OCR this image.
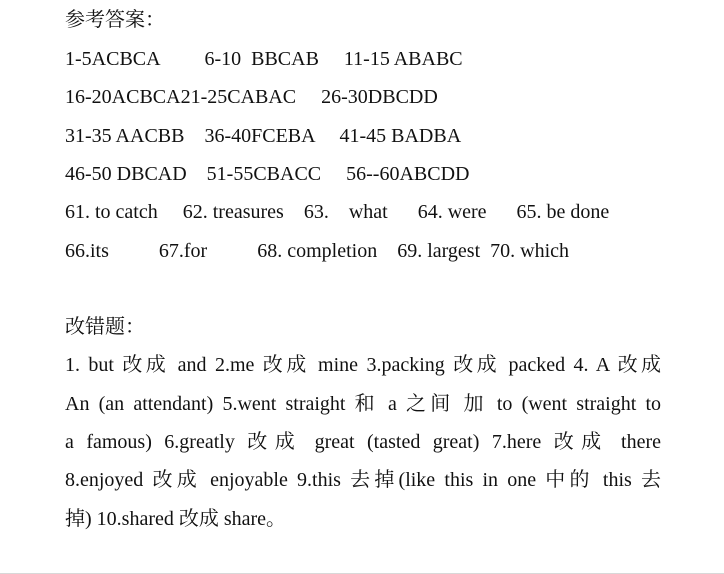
参考答案：
1-5ACBCA         6-10  BBCAB     11-15 ABABC
16-20ACBCA21-25CABAC     26-30DBCDD
31-35 AACBB    36-40FCEBA     41-45 BADBA
46-50 DBCAD    51-55CBACC     56--60ABCDD
61. to catch     62. treasures    63.    what      64. were      65. be done
66.its          67.for          68. completion    69. largest  70. which
改错题：
1. but 改成 and 2.me 改成 mine 3.packing 改成 packed 4. A 改成
An (an attendant) 5.went straight 和 a 之间 加 to (went straight to
a famous) 6.greatly 改成 great (tasted great) 7.here 改成 there
8.enjoyed 改成 enjoyable 9.this 去掉(like this in one 中的 this 去
掉) 10.shared 改成 share。
